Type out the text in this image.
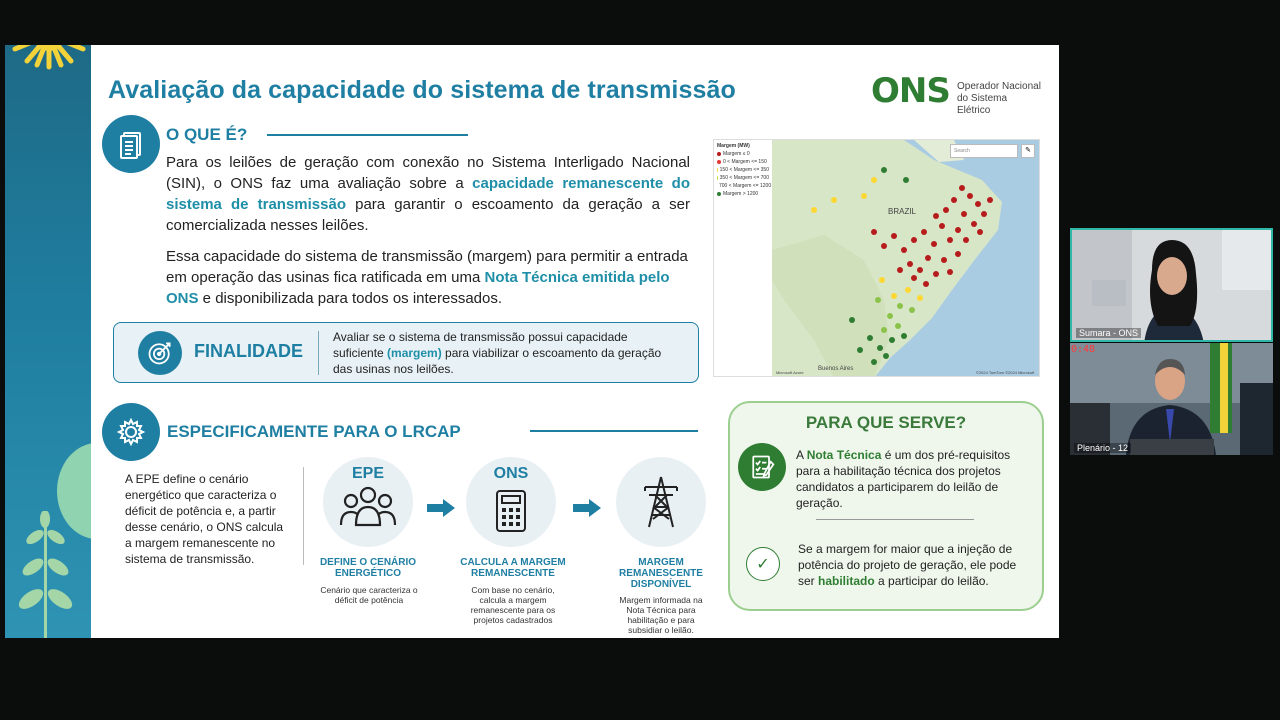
Avaliação da capacidade do sistema de transmissão	ONS Operador Nacional
do Sistema Elétrico
O QUE É?
Para os leilões de geração com conexão no Sistema Interligado Nacional (SIN), o ONS faz uma avaliação sobre a capacidade remanescente do sistema de transmissão para garantir o escoamento da geração a ser comercializada nesses leilões.
Essa capacidade do sistema de transmissão (margem) para permitir a entrada em operação das usinas fica ratificada em uma Nota Técnica emitida pelo ONS e disponibilizada para todos os interessados.
FINALIDADE
Avaliar se o sistema de transmissão possui capacidade suficiente (margem) para viabilizar o escoamento da geração das usinas nos leilões.
BRAZIL
Buenos Aires
©2024 TomTom ©2024 Microsoft
Microsoft Azure
Margem (MW)
Margem ≤ 0
0 < Margem <= 150
150 < Margem <= 350
350 < Margem <= 700
700 < Margem <= 1200
Margem > 1200
Search	✎
ESPECIFICAMENTE PARA O LRCAP
A EPE define o cenário energético que caracteriza o déficit de potência e, a partir desse cenário, o ONS calcula a margem remanescente no sistema de transmissão.
EPE
DEFINE O CENÁRIO ENERGÉTICO
Cenário que caracteriza o déficit de potência
ONS
CALCULA A MARGEM REMANESCENTE
Com base no cenário, calcula a margem remanescente para os projetos cadastrados
MARGEM REMANESCENTE DISPONÍVEL
Margem informada na Nota Técnica para habilitação e para subsidiar o leilão.
PARA QUE SERVE?
A Nota Técnica é um dos pré-requisitos para a habilitação técnica dos projetos candidatos a participarem do leilão de geração.
✓
Se a margem for maior que a injeção de potência do projeto de geração, ele pode ser habilitado a participar do leilão.
Sumara - ONS
0:48
Plenário - 12
